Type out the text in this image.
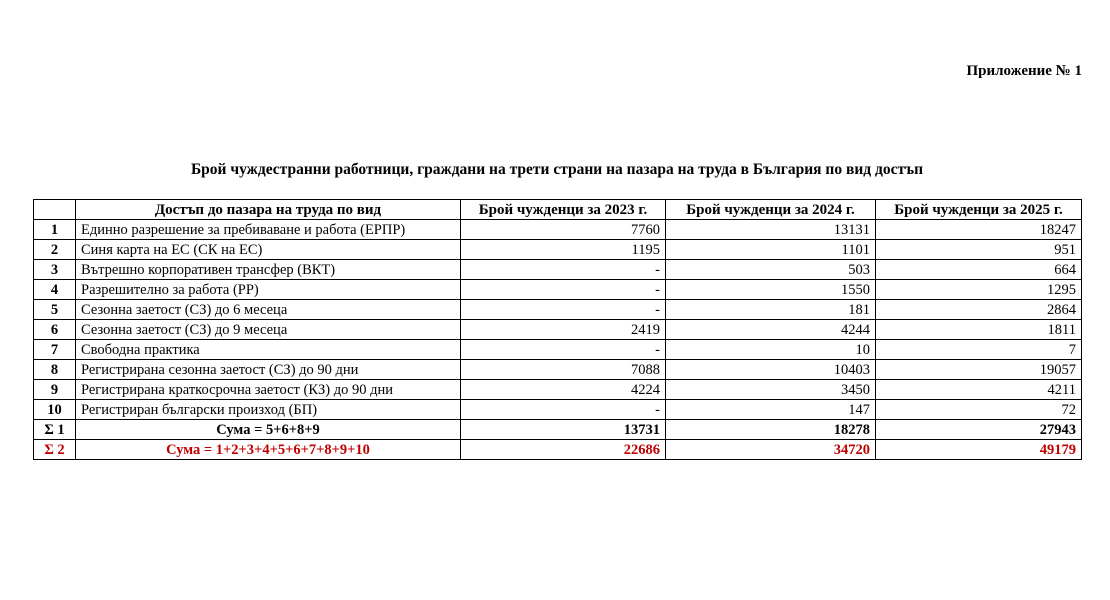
Приложение № 1
Брой чуждестранни работници, граждани на трети страни на пазара на труда в България по вид достъп
	Достъп до пазара на труда по вид	Брой чужденци за 2023 г.	Брой чужденци за 2024 г.	Брой чужденци за 2025 г.
1	Единно разрешение за пребиваване и работа (ЕРПР)	7760	13131	18247
2	Синя карта на ЕС (СК на ЕС)	1195	1101	951
3	Вътрешно корпоративен трансфер (ВКТ)	-	503	664
4	Разрешително за работа (РР)	-	1550	1295
5	Сезонна заетост (СЗ) до 6 месеца	-	181	2864
6	Сезонна заетост (СЗ) до 9 месеца	2419	4244	1811
7	Свободна практика	-	10	7
8	Регистрирана сезонна заетост (СЗ) до 90 дни	7088	10403	19057
9	Регистрирана краткосрочна заетост (КЗ) до 90 дни	4224	3450	4211
10	Регистриран български произход (БП)	-	147	72
Σ 1	Сума = 5+6+8+9	13731	18278	27943
Σ 2	Сума = 1+2+3+4+5+6+7+8+9+10	22686	34720	49179
